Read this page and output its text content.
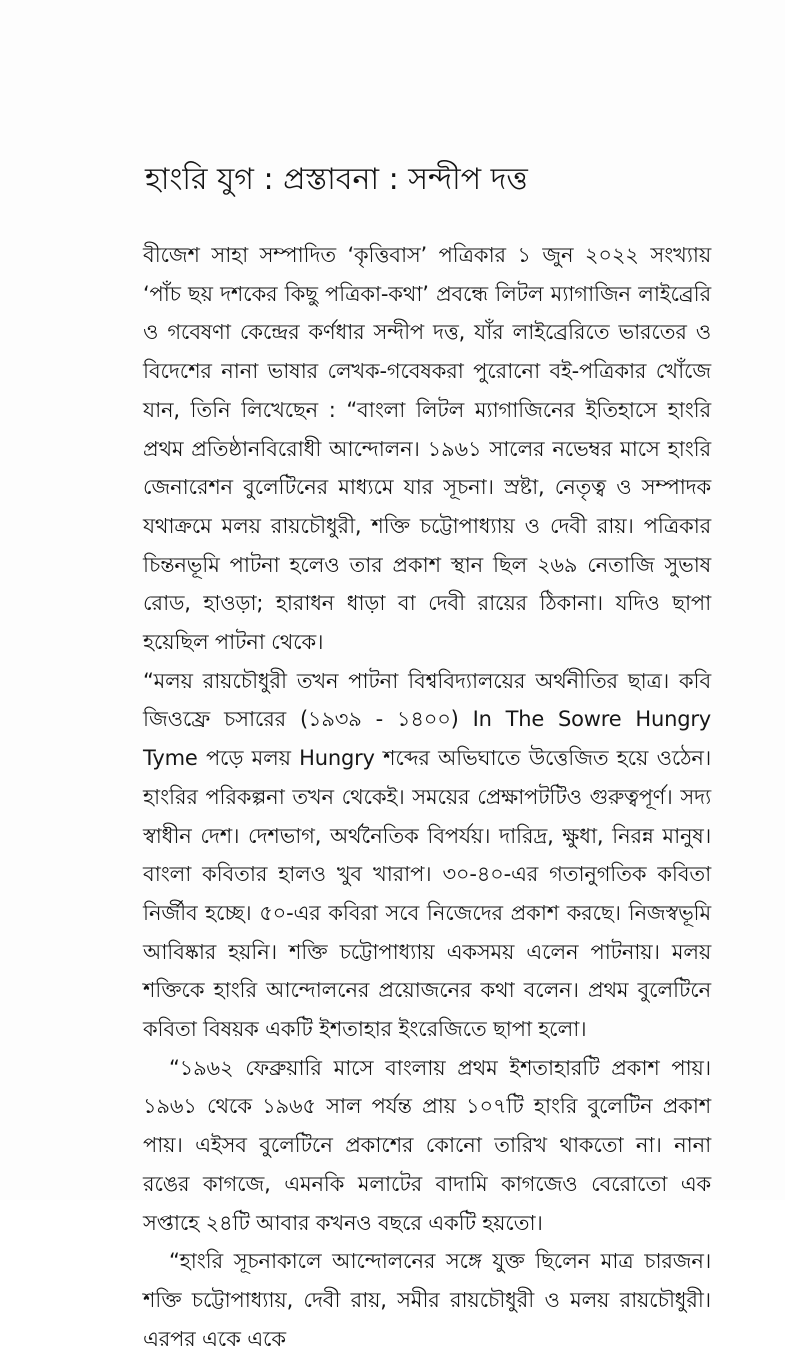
হাংরি যুগ : প্রস্তাবনা : সন্দীপ দত্ত

বীজেশ সাহা সম্পাদিত ‘কৃত্তিবাস’ পত্রিকার ১ জুন ২০২২ সংখ্যায় ‘পাঁচ ছয় দশকের কিছু পত্রিকা-কথা’ প্রবন্ধে লিটল ম্যাগাজিন লাইব্রেরি ও গবেষণা কেন্দ্রের কর্ণধার সন্দীপ দত্ত, যাঁর লাইব্রেরিতে ভারতের ও বিদেশের নানা ভাষার লেখক-গবেষকরা পুরোনো বই-পত্রিকার খোঁজে যান, তিনি লিখেছেন : “বাংলা লিটল ম্যাগাজিনের ইতিহাসে হাংরি প্রথম প্রতিষ্ঠানবিরোধী আন্দোলন। ১৯৬১ সালের নভেম্বর মাসে হাংরি জেনারেশন বুলেটিনের মাধ্যমে যার সূচনা। স্রষ্টা, নেতৃত্ব ও সম্পাদক যথাক্রমে মলয় রায়চৌধুরী, শক্তি চট্টোপাধ্যায় ও দেবী রায়। পত্রিকার চিন্তনভূমি পাটনা হলেও তার প্রকাশ স্থান ছিল ২৬৯ নেতাজি সুভাষ রোড, হাওড়া; হারাধন ধাড়া বা দেবী রায়ের ঠিকানা। যদিও ছাপা হয়েছিল পাটনা থেকে।

“মলয় রায়চৌধুরী তখন পাটনা বিশ্ববিদ্যালয়ের অর্থনীতির ছাত্র। কবি জিওফ্রে চসারের (১৯৩৯ - ১৪০০) In The Sowre Hungry Tyme পড়ে মলয় Hungry শব্দের অভিঘাতে উত্তেজিত হয়ে ওঠেন। হাংরির পরিকল্পনা তখন থেকেই। সময়ের প্রেক্ষাপটটিও গুরুত্বপূর্ণ। সদ্য স্বাধীন দেশ। দেশভাগ, অর্থনৈতিক বিপর্যয়। দারিদ্র, ক্ষুধা, নিরন্ন মানুষ। বাংলা কবিতার হালও খুব খারাপ। ৩০-৪০-এর গতানুগতিক কবিতা নির্জীব হচ্ছে। ৫০-এর কবিরা সবে নিজেদের প্রকাশ করছে। নিজস্বভূমি আবিষ্কার হয়নি। শক্তি চট্টোপাধ্যায় একসময় এলেন পাটনায়। মলয় শক্তিকে হাংরি আন্দোলনের প্রয়োজনের কথা বলেন। প্রথম বুলেটিনে কবিতা বিষয়ক একটি ইশতাহার ইংরেজিতে ছাপা হলো।

“১৯৬২ ফেব্রুয়ারি মাসে বাংলায় প্রথম ইশতাহারটি প্রকাশ পায়। ১৯৬১ থেকে ১৯৬৫ সাল পর্যন্ত প্রায় ১০৭টি হাংরি বুলেটিন প্রকাশ পায়। এইসব বুলেটিনে প্রকাশের কোনো তারিখ থাকতো না। নানা রঙের কাগজে, এমনকি মলাটের বাদামি কাগজেও বেরোতো এক সপ্তাহে ২৪টি আবার কখনও বছরে একটি হয়তো।

“হাংরি সূচনাকালে আন্দোলনের সঙ্গে যুক্ত ছিলেন মাত্র চারজন। শক্তি চট্টোপাধ্যায়, দেবী রায়, সমীর রায়চৌধুরী ও মলয় রায়চৌধুরী। এরপর একে একে
